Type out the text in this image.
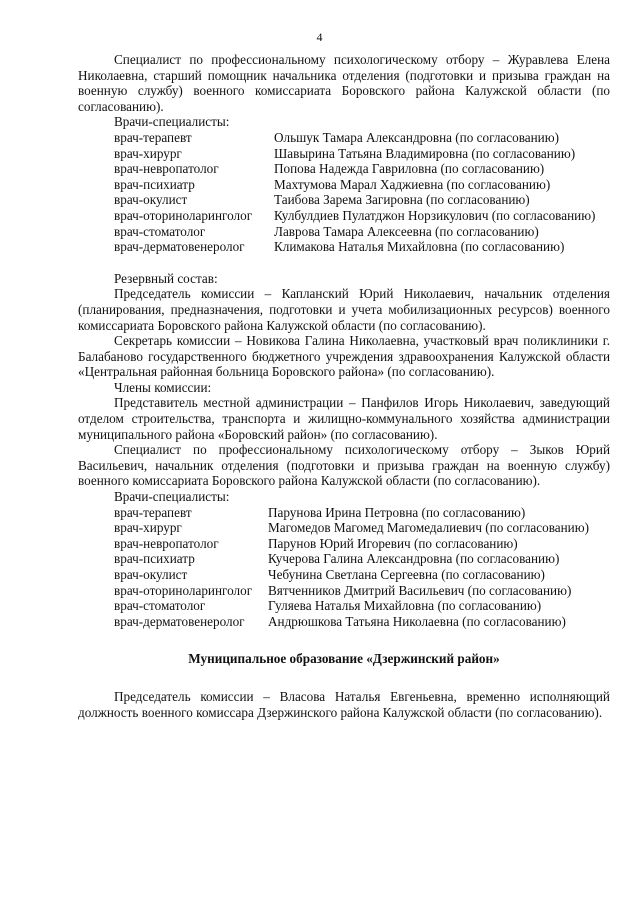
4

Специалист по профессиональному психологическому отбору – Журавлева Елена Николаевна, старший помощник начальника отделения (подготовки и призыва граждан на военную службу) военного комиссариата Боровского района Калужской области (по согласованию).

Врачи-специалисты:

врач-терапевт	Ольшук Тамара Александровна (по согласованию)
врач-хирург	Шавырина Татьяна Владимировна (по согласованию)
врач-невропатолог	Попова Надежда Гавриловна (по согласованию)
врач-психиатр	Махтумова Марал Хаджиевна (по согласованию)
врач-окулист	Таибова Зарема Загировна (по согласованию)
врач-оториноларинголог	Кулбулдиев Пулатджон Норзикулович (по согласованию)
врач-стоматолог	Лаврова Тамара Алексеевна (по согласованию)
врач-дерматовенеролог	Климакова Наталья Михайловна (по согласованию)

Резервный состав:

Председатель комиссии – Капланский Юрий Николаевич, начальник отделения (планирования, предназначения, подготовки и учета мобилизационных ресурсов) военного комиссариата Боровского района Калужской области (по согласованию).

Секретарь комиссии – Новикова Галина Николаевна, участковый врач поликлиники г. Балабаново государственного бюджетного учреждения здравоохранения Калужской области «Центральная районная больница Боровского района» (по согласованию).

Члены комиссии:

Представитель местной администрации – Панфилов Игорь Николаевич, заведующий отделом строительства, транспорта и жилищно-коммунального хозяйства администрации муниципального района «Боровский район» (по согласованию).

Специалист по профессиональному психологическому отбору – Зыков Юрий Васильевич, начальник отделения (подготовки и призыва граждан на военную службу) военного комиссариата Боровского района Калужской области (по согласованию).

Врачи-специалисты:

врач-терапевт	Парунова Ирина Петровна (по согласованию)
врач-хирург	Магомедов Магомед Магомедалиевич (по согласованию)
врач-невропатолог	Парунов Юрий Игоревич (по согласованию)
врач-психиатр	Кучерова Галина Александровна (по согласованию)
врач-окулист	Чебунина Светлана Сергеевна (по согласованию)
врач-оториноларинголог	Вятченников Дмитрий Васильевич (по согласованию)
врач-стоматолог	Гуляева Наталья Михайловна (по согласованию)
врач-дерматовенеролог	Андрюшкова Татьяна Николаевна (по согласованию)

Муниципальное образование «Дзержинский район»

Председатель комиссии – Власова Наталья Евгеньевна, временно исполняющий должность военного комиссара Дзержинского района Калужской области (по согласованию).
